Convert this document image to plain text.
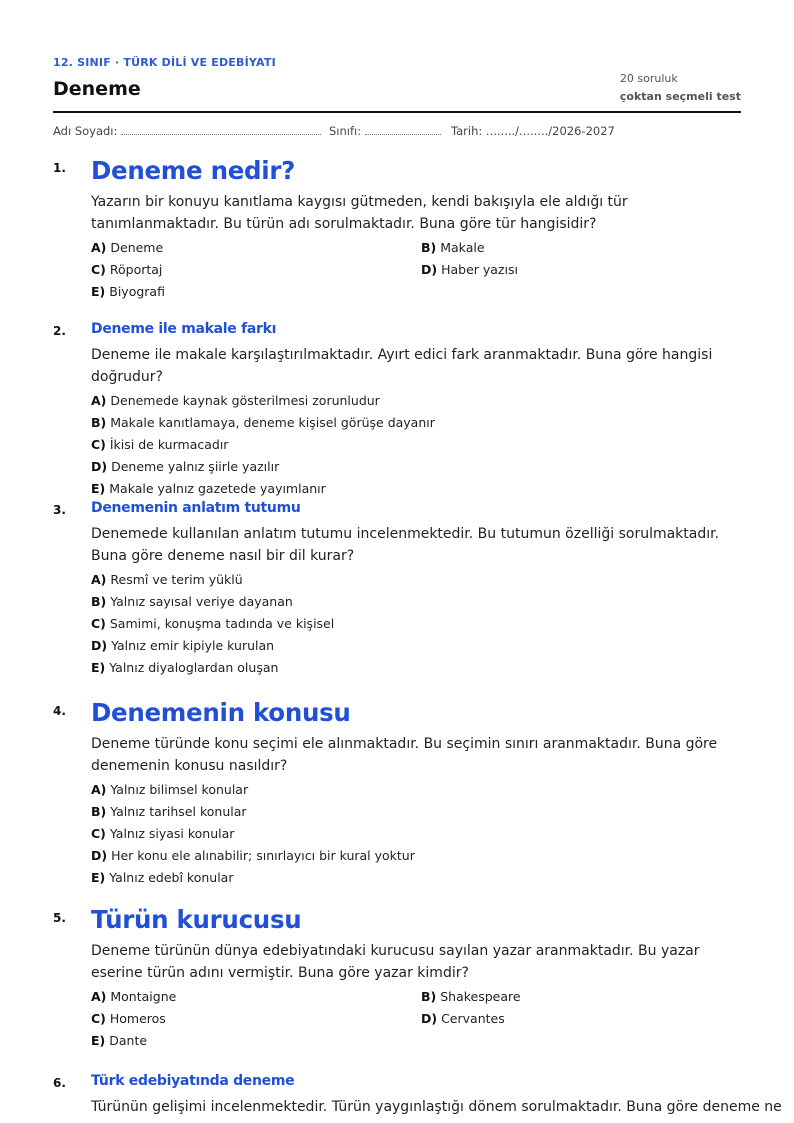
12. SINIF · TÜRK DİLİ VE EDEBİYATI
Deneme	20 soruluk
çoktan seçmeli test
Adı Soyadı:	Sınıfı:	Tarih: ......../......../2026-2027
1. Deneme nedir?
Yazarın bir konuyu kanıtlama kaygısı gütmeden, kendi bakışıyla ele aldığı tür tanımlanmaktadır. Bu türün adı sorulmaktadır. Buna göre tür hangisidir?
A) Deneme	B) Makale
C) Röportaj	D) Haber yazısı
E) Biyografi
2. Deneme ile makale farkı
Deneme ile makale karşılaştırılmaktadır. Ayırt edici fark aranmaktadır. Buna göre hangisi doğrudur?
A) Denemede kaynak gösterilmesi zorunludur
B) Makale kanıtlamaya, deneme kişisel görüşe dayanır
C) İkisi de kurmacadır
D) Deneme yalnız şiirle yazılır
E) Makale yalnız gazetede yayımlanır
3. Denemenin anlatım tutumu
Denemede kullanılan anlatım tutumu incelenmektedir. Bu tutumun özelliği sorulmaktadır. Buna göre deneme nasıl bir dil kurar?
A) Resmî ve terim yüklü
B) Yalnız sayısal veriye dayanan
C) Samimi, konuşma tadında ve kişisel
D) Yalnız emir kipiyle kurulan
E) Yalnız diyaloglardan oluşan
4. Denemenin konusu
Deneme türünde konu seçimi ele alınmaktadır. Bu seçimin sınırı aranmaktadır. Buna göre denemenin konusu nasıldır?
A) Yalnız bilimsel konular
B) Yalnız tarihsel konular
C) Yalnız siyasi konular
D) Her konu ele alınabilir; sınırlayıcı bir kural yoktur
E) Yalnız edebî konular
5. Türün kurucusu
Deneme türünün dünya edebiyatındaki kurucusu sayılan yazar aranmaktadır. Bu yazar eserine türün adını vermiştir. Buna göre yazar kimdir?
A) Montaigne	B) Shakespeare
C) Homeros	D) Cervantes
E) Dante
6. Türk edebiyatında deneme
Türünün gelişimi incelenmektedir. Türün yaygınlaştığı dönem sorulmaktadır. Buna göre deneme ne
